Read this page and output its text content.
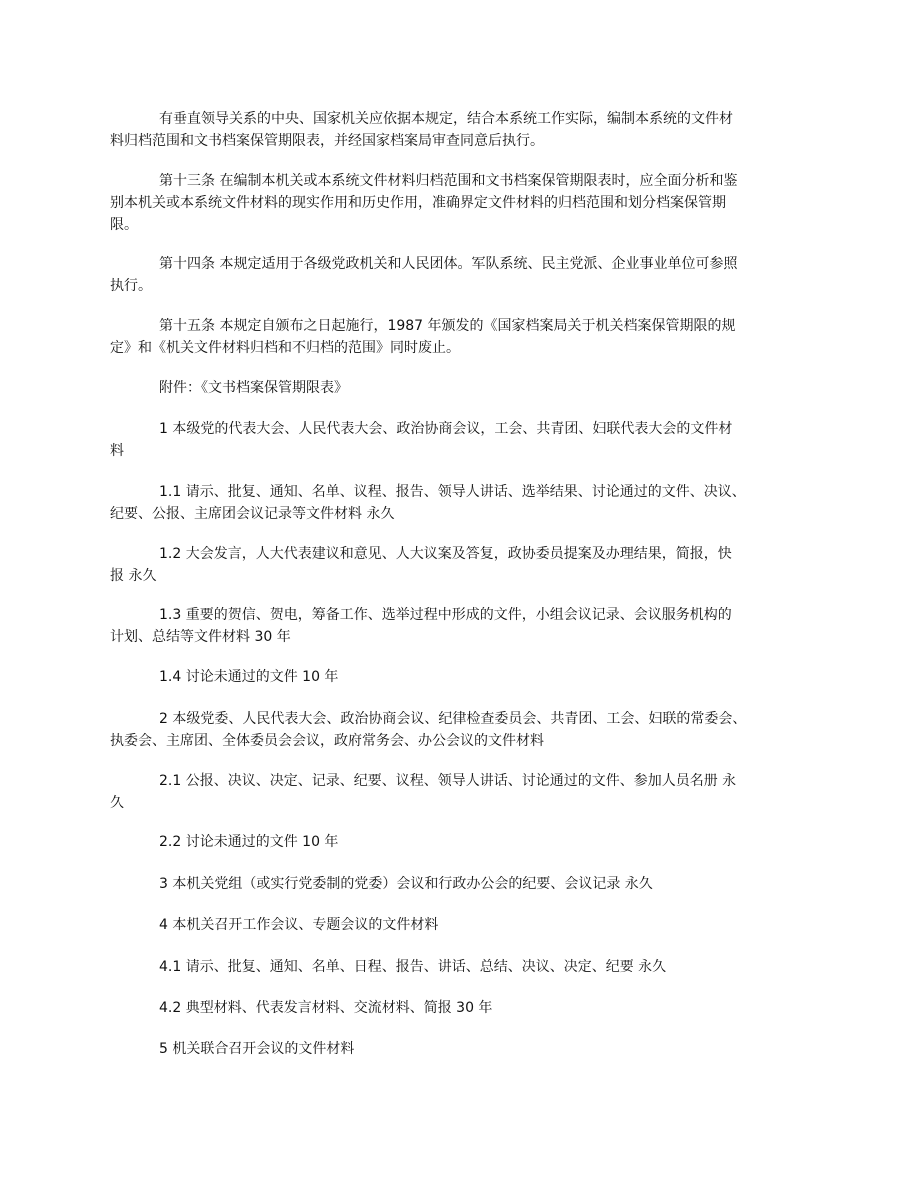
有垂直领导关系的中央、国家机关应依据本规定，结合本系统工作实际，编制本系统的文件材
料归档范围和文书档案保管期限表，并经国家档案局审查同意后执行。

第十三条 在编制本机关或本系统文件材料归档范围和文书档案保管期限表时，应全面分析和鉴
别本机关或本系统文件材料的现实作用和历史作用，准确界定文件材料的归档范围和划分档案保管期
限。

第十四条 本规定适用于各级党政机关和人民团体。军队系统、民主党派、企业事业单位可参照
执行。

第十五条 本规定自颁布之日起施行，1987 年颁发的《国家档案局关于机关档案保管期限的规
定》和《机关文件材料归档和不归档的范围》同时废止。

附件：《文书档案保管期限表》

1 本级党的代表大会、人民代表大会、政治协商会议，工会、共青团、妇联代表大会的文件材
料

1.1 请示、批复、通知、名单、议程、报告、领导人讲话、选举结果、讨论通过的文件、决议、
纪要、公报、主席团会议记录等文件材料 永久

1.2 大会发言，人大代表建议和意见、人大议案及答复，政协委员提案及办理结果，简报，快
报 永久

1.3 重要的贺信、贺电，筹备工作、选举过程中形成的文件，小组会议记录、会议服务机构的
计划、总结等文件材料 30 年

1.4 讨论未通过的文件 10 年

2 本级党委、人民代表大会、政治协商会议、纪律检查委员会、共青团、工会、妇联的常委会、
执委会、主席团、全体委员会会议，政府常务会、办公会议的文件材料

2.1 公报、决议、决定、记录、纪要、议程、领导人讲话、讨论通过的文件、参加人员名册 永
久

2.2 讨论未通过的文件 10 年

3 本机关党组（或实行党委制的党委）会议和行政办公会的纪要、会议记录 永久

4 本机关召开工作会议、专题会议的文件材料

4.1 请示、批复、通知、名单、日程、报告、讲话、总结、决议、决定、纪要 永久

4.2 典型材料、代表发言材料、交流材料、简报 30 年

5 机关联合召开会议的文件材料
